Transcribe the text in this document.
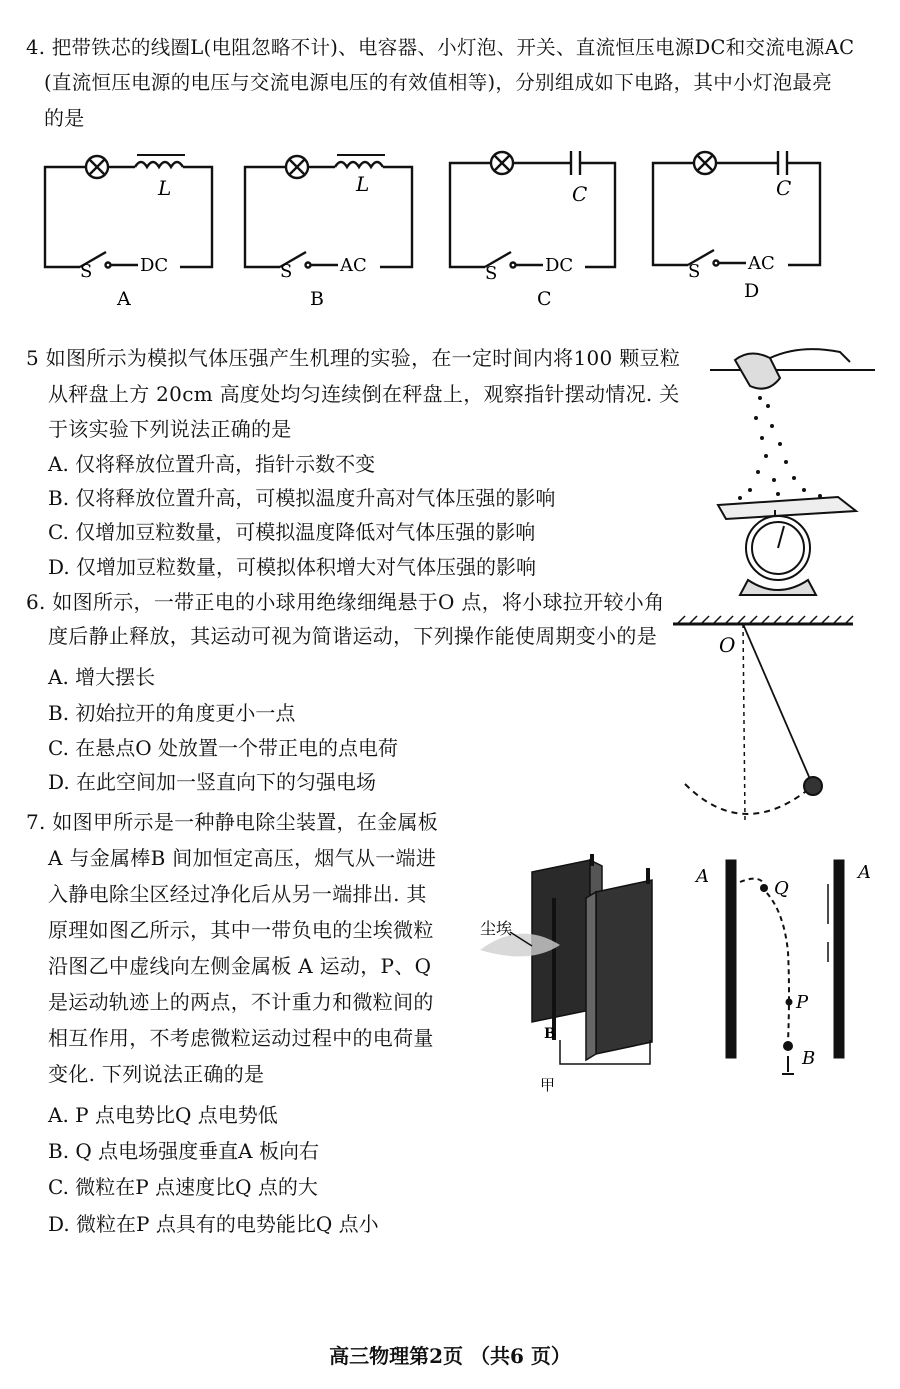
4. 把带铁芯的线圈L(电阻忽略不计)、电容器、小灯泡、开关、直流恒压电源DC和交流电源AC
(直流恒压电源的电压与交流电源电压的有效值相等)，分别组成如下电路，其中小灯泡最亮
的是
L
S	DC
A
L
S	AC
B
C
S	DC
C
C
S	AC
D
5 如图所示为模拟气体压强产生机理的实验，在一定时间内将100 颗豆粒
从秤盘上方 20cm 高度处均匀连续倒在秤盘上，观察指针摆动情况. 关
于该实验下列说法正确的是
A. 仅将释放位置升高，指针示数不变
B. 仅将释放位置升高，可模拟温度升高对气体压强的影响
C. 仅增加豆粒数量，可模拟温度降低对气体压强的影响
D. 仅增加豆粒数量，可模拟体积增大对气体压强的影响
6. 如图所示，一带正电的小球用绝缘细绳悬于O 点，将小球拉开较小角
度后静止释放，其运动可视为简谐运动，下列操作能使周期变小的是
A. 增大摆长
B. 初始拉开的角度更小一点
C. 在悬点O 处放置一个带正电的点电荷
D. 在此空间加一竖直向下的匀强电场
O
7. 如图甲所示是一种静电除尘装置，在金属板
A 与金属棒B 间加恒定高压，烟气从一端进
入静电除尘区经过净化后从另一端排出. 其
原理如图乙所示，其中一带负电的尘埃微粒
沿图乙中虚线向左侧金属板 A 运动，P、Q
是运动轨迹上的两点，不计重力和微粒间的
相互作用，不考虑微粒运动过程中的电荷量
变化. 下列说法正确的是
A. P 点电势比Q 点电势低
B. Q 点电场强度垂直A 板向右
C. 微粒在P 点速度比Q 点的大
D. 微粒在P 点具有的电势能比Q 点小
尘埃
B
甲
A	A
Q
P
B
高三物理第2页 （共6 页）
